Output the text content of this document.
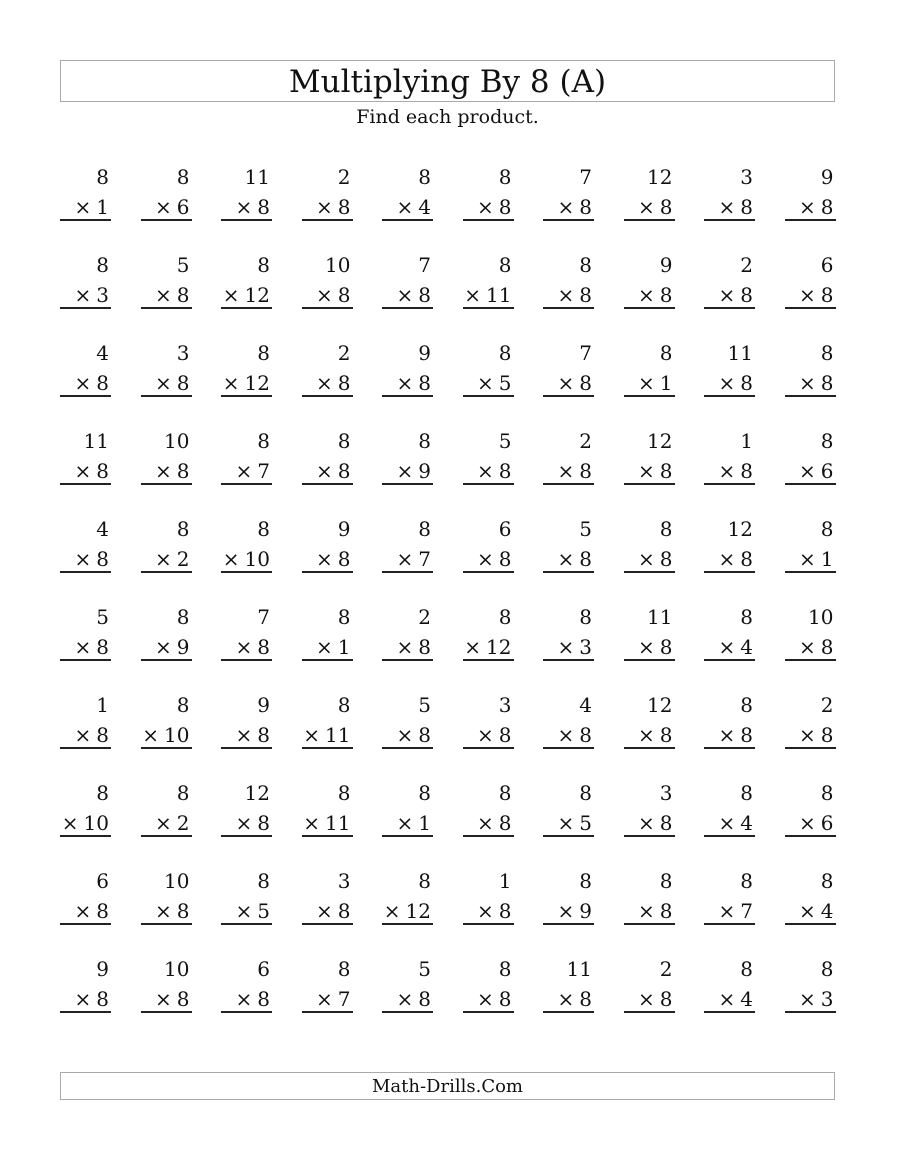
Multiplying By 8 (A)
Find each product.
8
× 1
8
× 6
11
× 8
2
× 8
8
× 4
8
× 8
7
× 8
12
× 8
3
× 8
9
× 8
8
× 3
5
× 8
8
× 12
10
× 8
7
× 8
8
× 11
8
× 8
9
× 8
2
× 8
6
× 8
4
× 8
3
× 8
8
× 12
2
× 8
9
× 8
8
× 5
7
× 8
8
× 1
11
× 8
8
× 8
11
× 8
10
× 8
8
× 7
8
× 8
8
× 9
5
× 8
2
× 8
12
× 8
1
× 8
8
× 6
4
× 8
8
× 2
8
× 10
9
× 8
8
× 7
6
× 8
5
× 8
8
× 8
12
× 8
8
× 1
5
× 8
8
× 9
7
× 8
8
× 1
2
× 8
8
× 12
8
× 3
11
× 8
8
× 4
10
× 8
1
× 8
8
× 10
9
× 8
8
× 11
5
× 8
3
× 8
4
× 8
12
× 8
8
× 8
2
× 8
8
× 10
8
× 2
12
× 8
8
× 11
8
× 1
8
× 8
8
× 5
3
× 8
8
× 4
8
× 6
6
× 8
10
× 8
8
× 5
3
× 8
8
× 12
1
× 8
8
× 9
8
× 8
8
× 7
8
× 4
9
× 8
10
× 8
6
× 8
8
× 7
5
× 8
8
× 8
11
× 8
2
× 8
8
× 4
8
× 3
Math-Drills.Com
